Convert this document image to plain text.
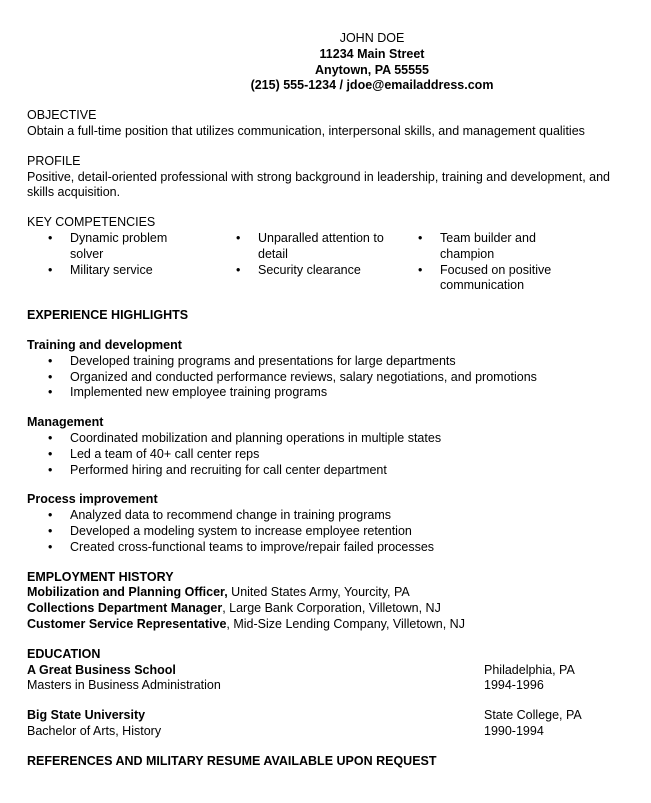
JOHN DOE
11234 Main Street
Anytown, PA 55555
(215) 555-1234 / jdoe@emailaddress.com
OBJECTIVE
Obtain a full-time position that utilizes communication, interpersonal skills, and management qualities
PROFILE
Positive, detail-oriented professional with strong background in leadership, training and development, and skills acquisition.
KEY COMPETENCIES
• Dynamic problem solver
• Military service
• Unparalled attention to detail
• Security clearance
• Team builder and champion
• Focused on positive communication
EXPERIENCE HIGHLIGHTS
Training and development
• Developed training programs and presentations for large departments
• Organized and conducted performance reviews, salary negotiations, and promotions
• Implemented new employee training programs
Management
• Coordinated mobilization and planning operations in multiple states
• Led a team of 40+ call center reps
• Performed hiring and recruiting for call center department
Process improvement
• Analyzed data to recommend change in training programs
• Developed a modeling system to increase employee retention
• Created cross-functional teams to improve/repair failed processes
EMPLOYMENT HISTORY
Mobilization and Planning Officer, United States Army, Yourcity, PA
Collections Department Manager, Large Bank Corporation, Villetown, NJ
Customer Service Representative, Mid-Size Lending Company, Villetown, NJ
EDUCATION
A Great Business School
Masters in Business Administration
Philadelphia, PA
1994-1996
Big State University
Bachelor of Arts, History
State College, PA
1990-1994
REFERENCES AND MILITARY RESUME AVAILABLE UPON REQUEST
